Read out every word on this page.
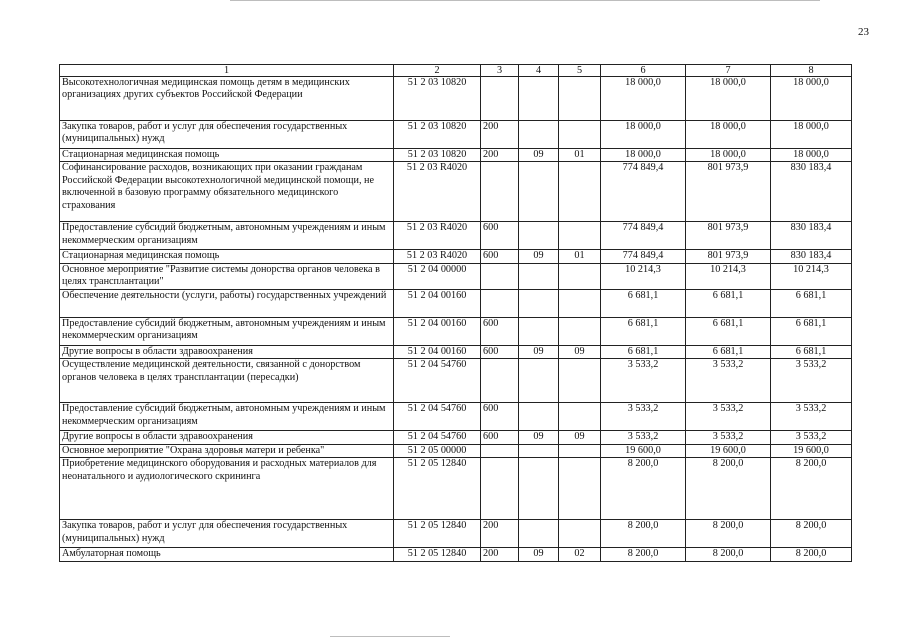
23
1	2	3	4	5	6	7	8
Высокотехнологичная медицинская помощь детям в медицинских организациях других субъектов Российской Федерации	51 2 03 10820				18 000,0	18 000,0	18 000,0
Закупка товаров, работ и услуг для обеспечения государственных (муниципальных) нужд	51 2 03 10820	200			18 000,0	18 000,0	18 000,0
Стационарная медицинская помощь	51 2 03 10820	200	09	01	18 000,0	18 000,0	18 000,0
Софинансирование расходов, возникающих при оказании гражданам Российской Федерации высокотехнологичной медицинской помощи, не включенной в базовую программу обязательного медицинского страхования	51 2 03 R4020				774 849,4	801 973,9	830 183,4
Предоставление субсидий бюджетным, автономным учреждениям и иным некоммерческим организациям	51 2 03 R4020	600			774 849,4	801 973,9	830 183,4
Стационарная медицинская помощь	51 2 03 R4020	600	09	01	774 849,4	801 973,9	830 183,4
Основное мероприятие "Развитие системы донорства органов человека в целях трансплантации"	51 2 04 00000				10 214,3	10 214,3	10 214,3
Обеспечение деятельности (услуги, работы) государственных учреждений	51 2 04 00160				6 681,1	6 681,1	6 681,1
Предоставление субсидий бюджетным, автономным учреждениям и иным некоммерческим организациям	51 2 04 00160	600			6 681,1	6 681,1	6 681,1
Другие вопросы в области здравоохранения	51 2 04 00160	600	09	09	6 681,1	6 681,1	6 681,1
Осуществление медицинской деятельности, связанной с донорством органов человека в целях трансплантации (пересадки)	51 2 04 54760				3 533,2	3 533,2	3 533,2
Предоставление субсидий бюджетным, автономным учреждениям и иным некоммерческим организациям	51 2 04 54760	600			3 533,2	3 533,2	3 533,2
Другие вопросы в области здравоохранения	51 2 04 54760	600	09	09	3 533,2	3 533,2	3 533,2
Основное мероприятие "Охрана здоровья матери и ребенка"	51 2 05 00000				19 600,0	19 600,0	19 600,0
Приобретение медицинского оборудования и расходных материалов для неонатального и аудиологического скрининга	51 2 05 12840				8 200,0	8 200,0	8 200,0
Закупка товаров, работ и услуг для обеспечения государственных (муниципальных) нужд	51 2 05 12840	200			8 200,0	8 200,0	8 200,0
Амбулаторная помощь	51 2 05 12840	200	09	02	8 200,0	8 200,0	8 200,0
